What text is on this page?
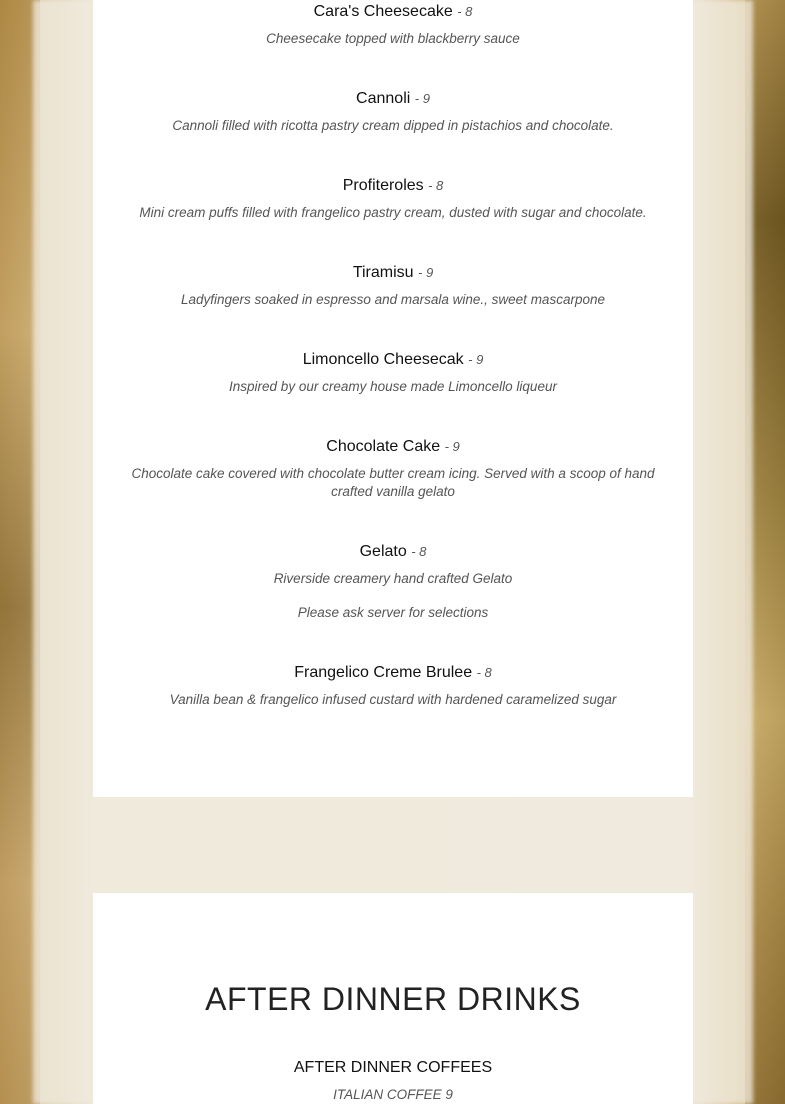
Cara's Cheesecake - 8
Cheesecake topped with blackberry sauce
Cannoli - 9
Cannoli filled with ricotta pastry cream dipped in pistachios and chocolate.
Profiteroles - 8
Mini cream puffs filled with frangelico pastry cream, dusted with sugar and chocolate.
Tiramisu - 9
Ladyfingers soaked in espresso and marsala wine., sweet mascarpone
Limoncello Cheesecak - 9
Inspired by our creamy house made Limoncello liqueur
Chocolate Cake - 9
Chocolate cake covered with chocolate butter cream icing. Served with a scoop of hand crafted vanilla gelato
Gelato - 8
Riverside creamery hand crafted Gelato
Please ask server for selections
Frangelico Creme Brulee - 8
Vanilla bean & frangelico infused custard with hardened caramelized sugar
AFTER DINNER DRINKS
AFTER DINNER COFFEES
ITALIAN COFFEE 9
